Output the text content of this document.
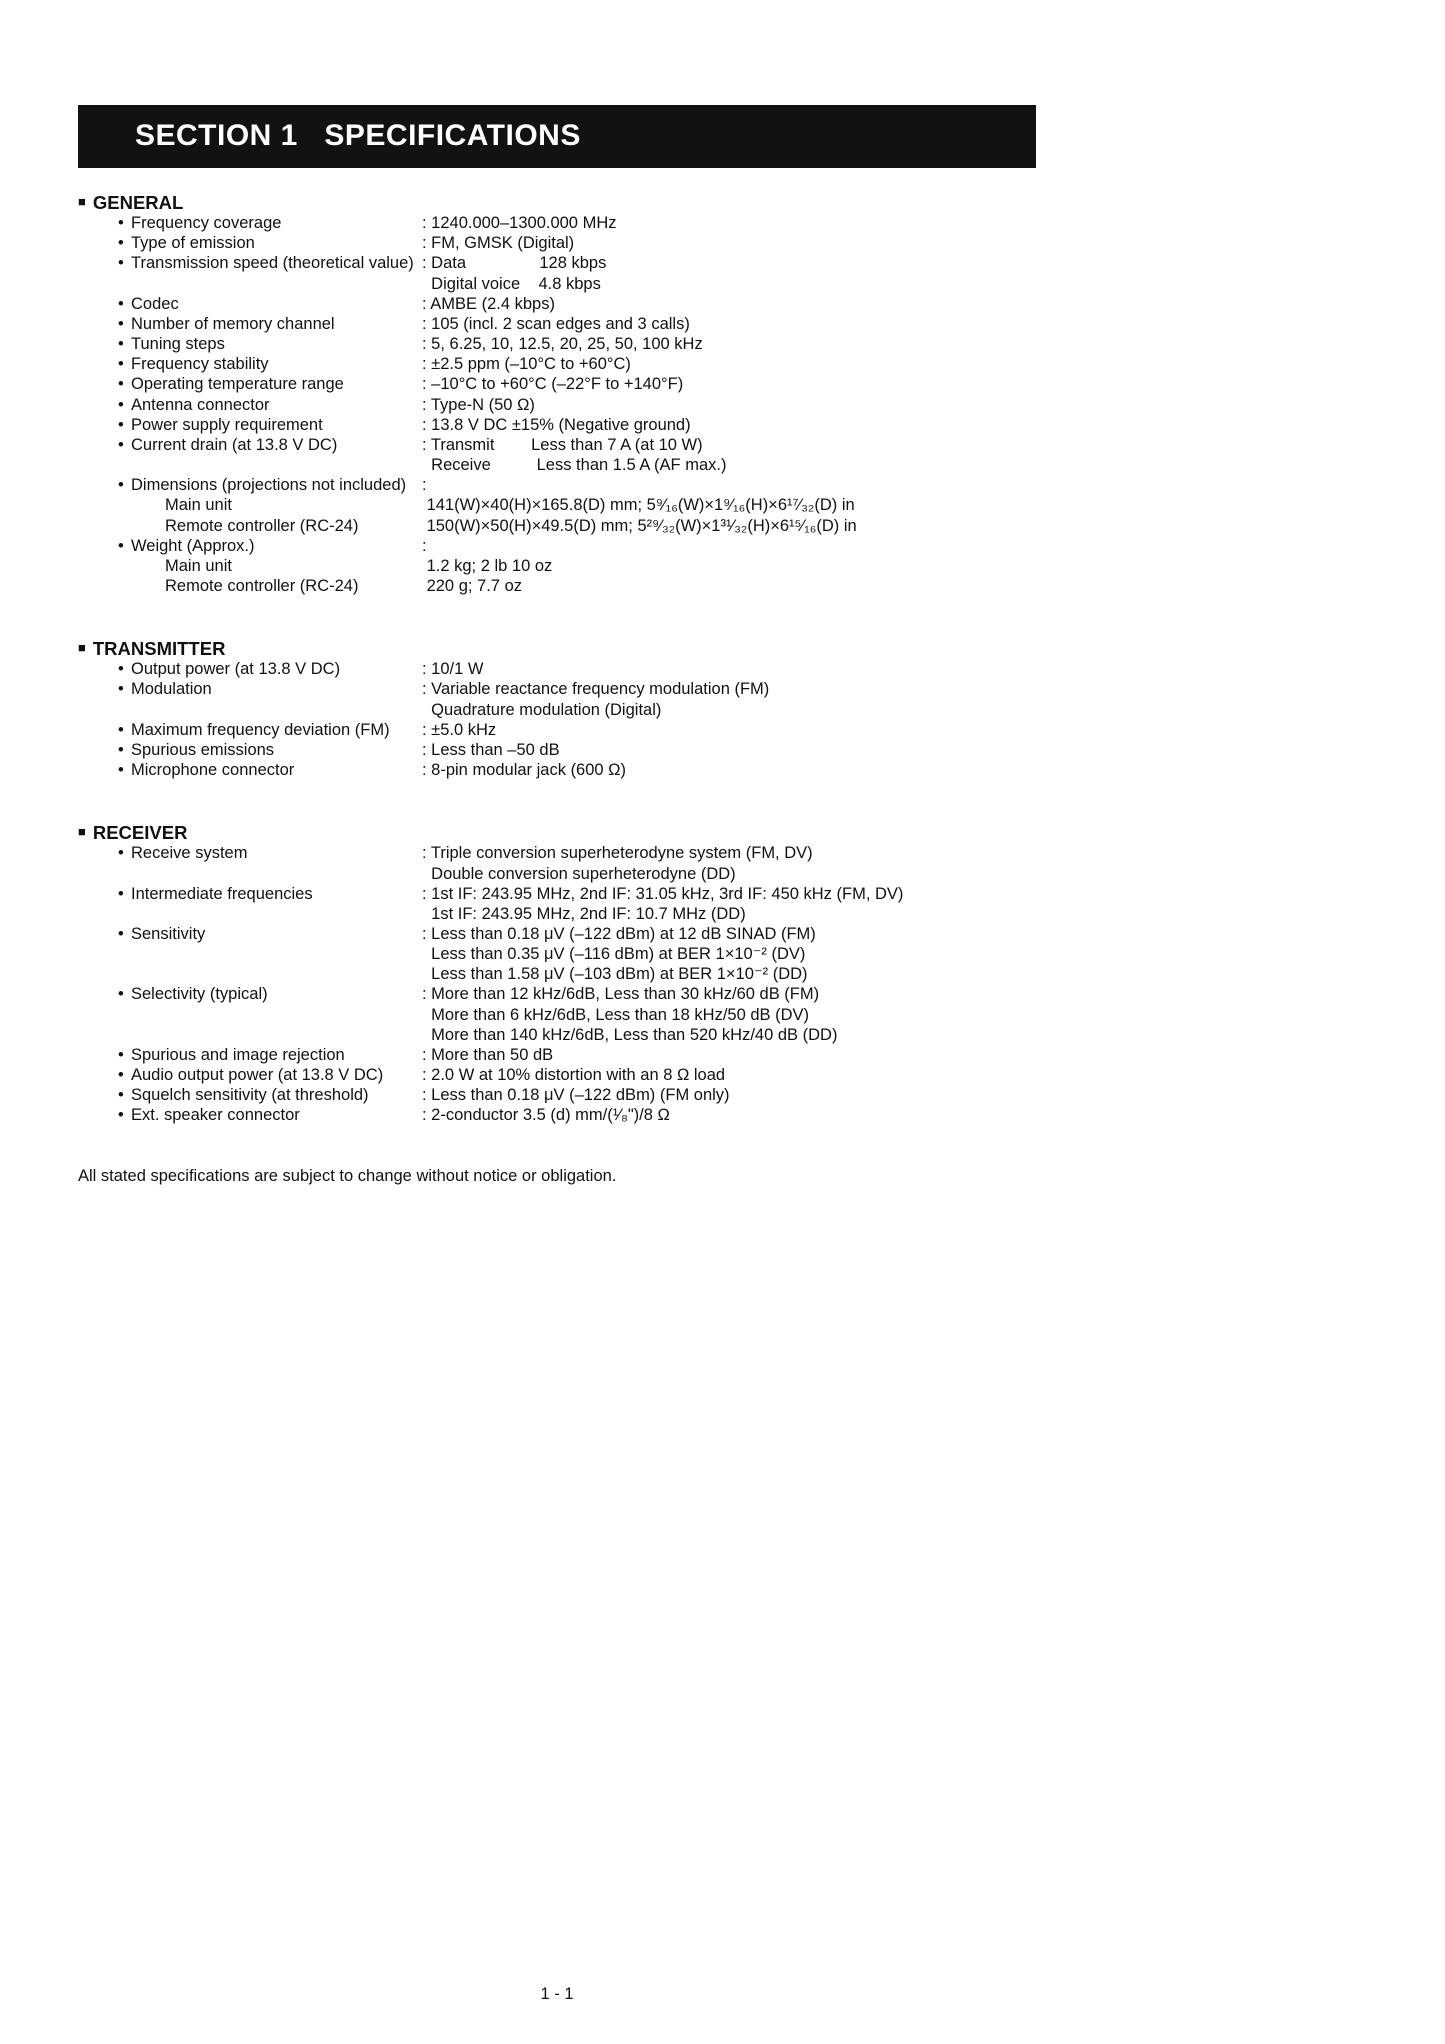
SECTION 1   SPECIFICATIONS
■ GENERAL
• Frequency coverage	: 1240.000–1300.000 MHz
• Type of emission	: FM, GMSK (Digital)
• Transmission speed (theoretical value) : Data                128 kbps
Digital voice    4.8 kbps
• Codec	: AMBE (2.4 kbps)
• Number of memory channel	: 105 (incl. 2 scan edges and 3 calls)
• Tuning steps	: 5, 6.25, 10, 12.5, 20, 25, 50, 100 kHz
• Frequency stability	: ±2.5 ppm (–10°C to +60°C)
• Operating temperature range	: –10°C to +60°C (–22°F to +140°F)
• Antenna connector	: Type-N (50 Ω)
• Power supply requirement	: 13.8 V DC ±15% (Negative ground)
• Current drain (at 13.8 V DC)	: Transmit        Less than 7 A (at 10 W)
Receive          Less than 1.5 A (AF max.)
• Dimensions (projections not included) :
Main unit	141(W)×40(H)×165.8(D) mm; 5⁹⁄₁₆(W)×1⁹⁄₁₆(H)×6¹⁷⁄₃₂(D) in
Remote controller (RC-24)	150(W)×50(H)×49.5(D) mm; 5²⁹⁄₃₂(W)×1³¹⁄₃₂(H)×6¹⁵⁄₁₆(D) in
• Weight (Approx.)	:
Main unit	1.2 kg; 2 lb 10 oz
Remote controller (RC-24)	220 g; 7.7 oz
■ TRANSMITTER
• Output power (at 13.8 V DC)	: 10/1 W
• Modulation	: Variable reactance frequency modulation (FM)
Quadrature modulation (Digital)
• Maximum frequency deviation (FM)	: ±5.0 kHz
• Spurious emissions	: Less than –50 dB
• Microphone connector	: 8-pin modular jack (600 Ω)
■ RECEIVER
• Receive system	: Triple conversion superheterodyne system (FM, DV)
Double conversion superheterodyne (DD)
• Intermediate frequencies	: 1st IF: 243.95 MHz, 2nd IF: 31.05 kHz, 3rd IF: 450 kHz (FM, DV)
1st IF: 243.95 MHz, 2nd IF: 10.7 MHz (DD)
• Sensitivity	: Less than 0.18 μV (–122 dBm) at 12 dB SINAD (FM)
Less than 0.35 μV (–116 dBm) at BER 1×10⁻² (DV)
Less than 1.58 μV (–103 dBm) at BER 1×10⁻² (DD)
• Selectivity (typical)	: More than 12 kHz/6dB, Less than 30 kHz/60 dB (FM)
More than 6 kHz/6dB, Less than 18 kHz/50 dB (DV)
More than 140 kHz/6dB, Less than 520 kHz/40 dB (DD)
• Spurious and image rejection	: More than 50 dB
• Audio output power (at 13.8 V DC)	: 2.0 W at 10% distortion with an 8 Ω load
• Squelch sensitivity (at threshold)	: Less than 0.18 μV (–122 dBm) (FM only)
• Ext. speaker connector	: 2-conductor 3.5 (d) mm/(¹⁄₈")/8 Ω

All stated specifications are subject to change without notice or obligation.

1 - 1
